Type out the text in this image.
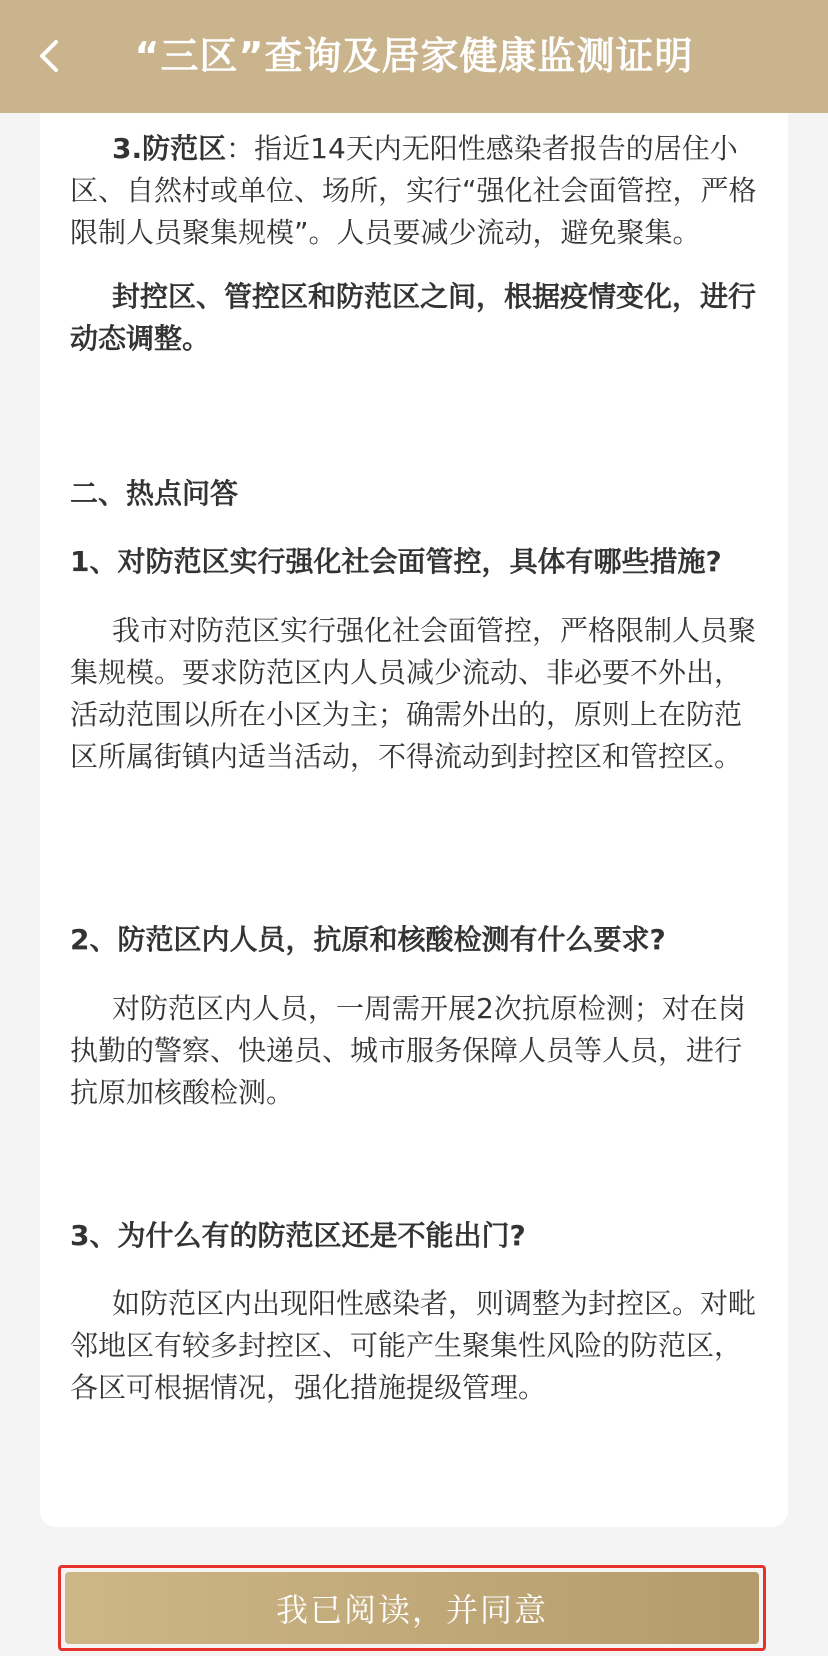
“三区”查询及居家健康监测证明

3.防范区：指近14天内无阳性感染者报告的居住小区、自然村或单位、场所，实行“强化社会面管控，严格限制人员聚集规模”。人员要减少流动，避免聚集。

封控区、管控区和防范区之间，根据疫情变化，进行动态调整。

二、热点问答

1、对防范区实行强化社会面管控，具体有哪些措施?

我市对防范区实行强化社会面管控，严格限制人员聚集规模。要求防范区内人员减少流动、非必要不外出，活动范围以所在小区为主；确需外出的，原则上在防范区所属街镇内适当活动，不得流动到封控区和管控区。

2、防范区内人员，抗原和核酸检测有什么要求?

对防范区内人员，一周需开展2次抗原检测；对在岗执勤的警察、快递员、城市服务保障人员等人员，进行抗原加核酸检测。

3、为什么有的防范区还是不能出门?

如防范区内出现阳性感染者，则调整为封控区。对毗邻地区有较多封控区、可能产生聚集性风险的防范区，各区可根据情况，强化措施提级管理。

我已阅读，并同意
